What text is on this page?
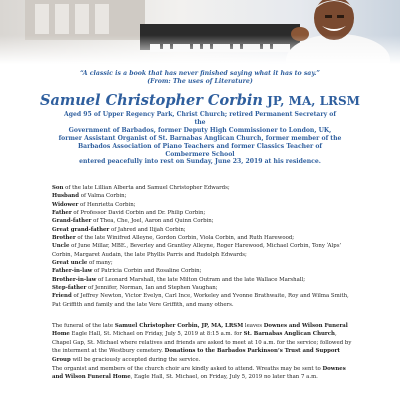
“A classic is a book that has never finished saying what it has to say.”
(From: The uses of Literature)
Samuel Christopher Corbin JP, MA, LRSM
Aged 95 of Upper Regency Park, Christ Church; retired Permanent Secretary of the
Government of Barbados, former Deputy High Commissioner to London, UK,
former Assistant Organist of St. Barnabas Anglican Church, former member of the
Barbados Association of Piano Teachers and former Classics Teacher of Combermere School
entered peacefully into rest on Sunday, June 23, 2019 at his residence.
Son of the late Lillian Alberta and Samuel Christopher Edwards;
Husband of Valma Corbin;
Widower of Henrietta Corbin;
Father of Professor David Corbin and Dr. Philip Corbin;
Grand-father of Thea, Che, Joel, Aaron and Quinn Corbin;
Great grand-father of Jahred and Ilijah Corbin;
Brother of the late Winifred Alleyne, Gordon Corbin, Viola Corbin, and Ruth Harewood;
Uncle of June Millar, MBE., Beverley and Grantley Alleyne, Roger Harewood, Michael Corbin, Tony ‘Alps’ Corbin, Margaret Audain, the late Phyllis Parris and Rudolph Edwards;
Great uncle of many;
Father-in-law of Patricia Corbin and Rosaline Corbin;
Brother-in-law of Leonard Marshall, the late Milton Outram and the late Wallace Marshall;
Step-father of Jennifer, Norman, Ian and Stephen Vaughan;
Friend of Jeffrey Newton, Victor Evelyn, Carl Ince, Workeley and Yvonne Brathwaite, Roy and Wilma Smith, Pat Griffith and family and the late Vere Griffith, and many others.
The funeral of the late Samuel Christopher Corbin, JP, MA, LRSM leaves Downes and Wilson Funeral Home Eagle Hall, St. Michael on Friday, July 5, 2019 at 8:15 a.m. for St. Barnabas Anglican Church, Chapel Gap, St. Michael where relatives and friends are asked to meet at 10 a.m. for the service; followed by the interment at the Westbury cemetery. Donations to the Barbados Parkinson’s Trust and Support Group will be graciously accepted during the service.
The organist and members of the church choir are kindly asked to attend. Wreaths may be sent to Downes and Wilson Funeral Home, Eagle Hall, St. Michael, on Friday, July 5, 2019 no later than 7 a.m.
